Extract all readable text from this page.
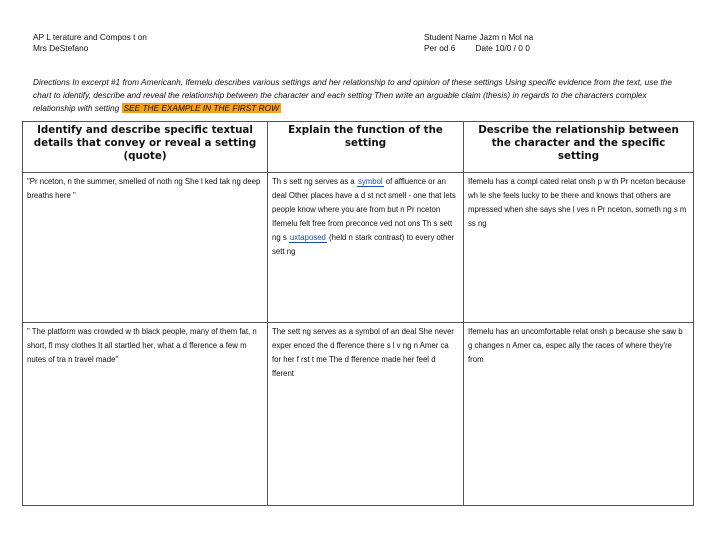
AP L terature and Compos t on
Mrs DeStefano
Student Name Jazm n Mol na
Per od 6 Date 10/0 / 0 0
Directions In excerpt #1 from Americanh, Ifemelu describes various settings and her relationship to and opinion of these settings Using specific evidence from the text, use the chart to identify, describe and reveal the relationship between the character and each setting Then write an arguable claim (thesis) in regards to the characters complex relationship with setting SEE THE EXAMPLE IN THE FIRST ROW
Identify and describe specific textual details that convey or reveal a setting (quote)	Explain the function of the setting	Describe the relationship between the character and the specific setting
"Pr nceton, n the summer, smelled of noth ng She l ked tak ng deep breaths here "	Th s sett ng serves as a symbol of affluence or an deal Other places have a d st nct smell - one that lets people know where you are from but n Pr nceton Ifemelu felt free from preconce ved not ons Th s sett ng s uxtaposed (held n stark contrast) to every other sett ng	Ifemelu has a compl cated relat onsh p w th Pr nceton because wh le she feels lucky to be there and knows that others are mpressed when she says she l ves n Pr nceton, someth ng s m ss ng
" The platform was crowded w th black people, many of them fat, n short, fl msy clothes It all startled her, what a d fference a few m nutes of tra n travel made"	The sett ng serves as a symbol of an deal She never exper enced the d fference there s l v ng n Amer ca for her f rst t me The d fference made her feel d fferent	Ifemelu has an uncomfortable relat onsh p because she saw b g changes n Amer ca, espec ally the races of where they're from
